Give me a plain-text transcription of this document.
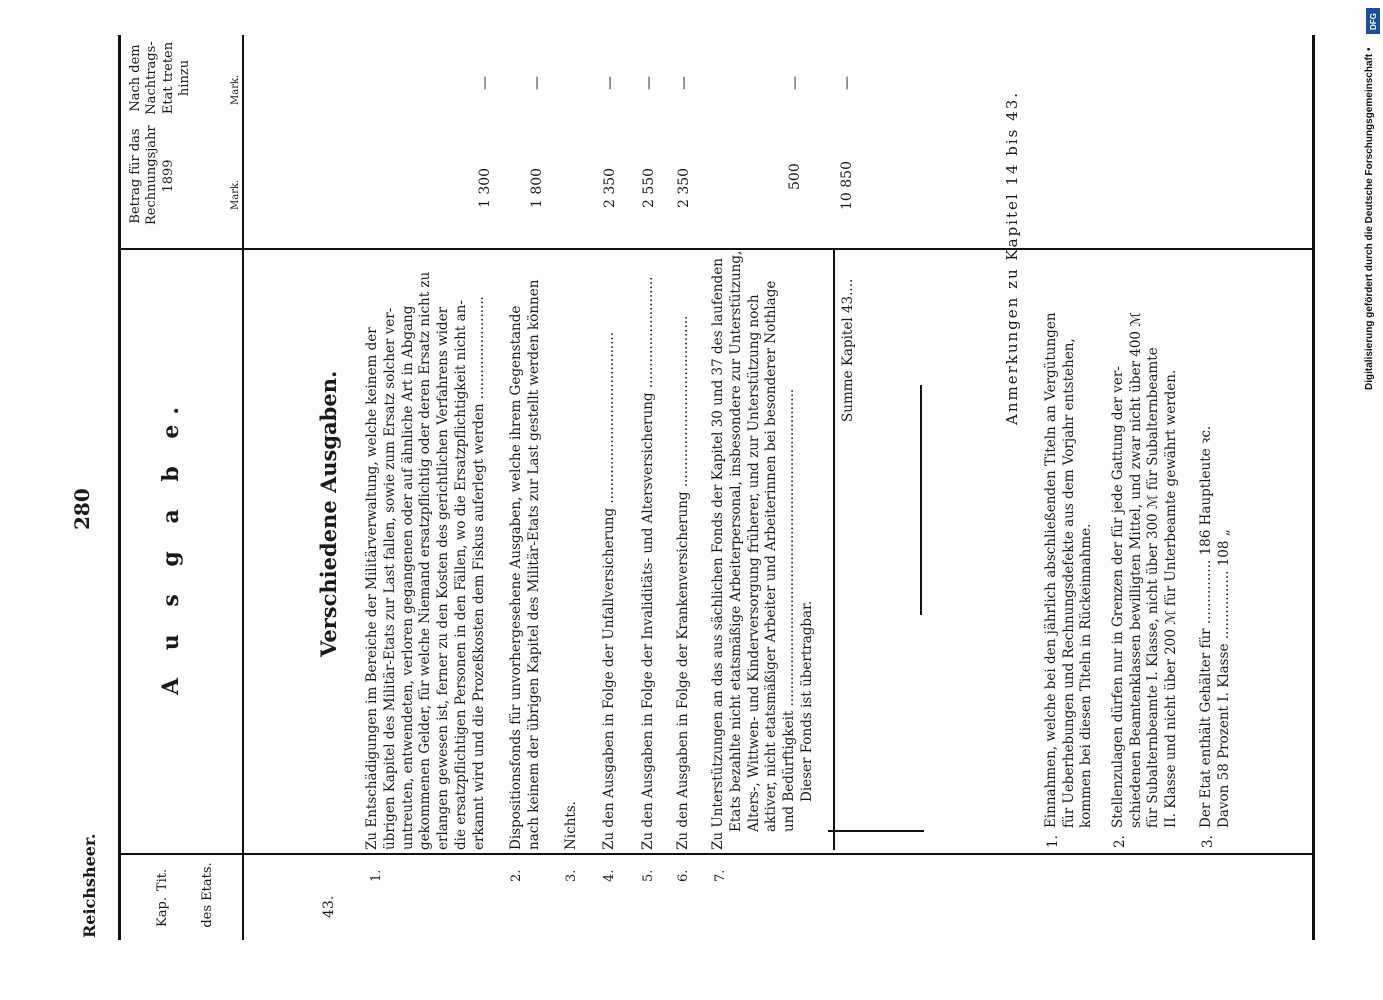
Reichsheer.
280
Kap.
Tit. des Etats.
Betrag für das Rechnungsjahr 1899
Mark.
Nach dem Nachtrags-Etat treten hinzu	Mark.
A u s g a b e.	Verschiedene Ausgaben.
43.
1.
Zu Entschädigungen im Bereiche der Militärverwaltung, welche keinem der übrigen Kapitel des Militär-Etats zur Last fallen, sowie zum Ersatz solcher ver- untreuten, entwendeten, verloren gegangenen oder auf ähnliche Art in Abgang gekommenen Gelder, für welche Niemand ersatzpflichtig oder deren Ersatz nicht zu erlangen gewesen ist, ferner zu den Kosten des gerichtlichen Verfahrens wider die ersatzpflichtigen Personen in den Fällen, wo die Ersatzpflichtigkeit nicht an- erkannt wird und die Prozeßkosten dem Fiskus auferlegt werden ........................
1 300
—
2.
Dispositionsfonds für unvorhergesehene Ausgaben, welche ihrem Gegenstande nach keinem der übrigen Kapitel des Militär-Etats zur Last gestellt werden können
1 800
—
3.
Nichts.
4.
Zu den Ausgaben in Folge der Unfallversicherung ........................................
2 350
—
5.
Zu den Ausgaben in Folge der Invaliditäts- und Altersversicherung ..........................
2 550
—
6.
Zu den Ausgaben in Folge der Krankenversicherung ........................................
2 350
—
7.
Zu Unterstützungen an das aus sächlichen Fonds der Kapitel 30 und 37 des laufenden Etats bezahlte nicht etatsmäßige Arbeiterpersonal, insbesondere zur Unterstützung, Alters-, Wittwen- und Kinderversorgung früherer, und zur Unterstützung noch aktiver, nicht etatsmäßiger Arbeiter und Arbeiterinnen bei besonderer Nothlage und Bedürftigkeit .......................................................................... Dieser Fonds ist übertragbar.
500
—
Summe Kapitel 43....
10 850
—
Anmerkungen zu Kapitel 14 bis 43.
1.
Einnahmen, welche bei den jährlich abschließenden Titeln an Vergütungen für Ueberhebungen und Rechnungsdefekte aus dem Vorjahr entstehen, kommen bei diesen Titeln in Rückeinnahme.
2.
Stellenzulagen dürfen nur in Grenzen der für jede Gattung der ver- schiedenen Beamtenklassen bewilligten Mittel, und zwar nicht über 400 ℳ für Subalternbeamte I. Klasse, nicht über 300 ℳ für Subalternbeamte II. Klasse und nicht über 200 ℳ für Unterbeamte gewährt werden.
3.
Der Etat enthält Gehälter für ............... 186 Hauptleute ꝛc. Davon 58 Prozent I. Klasse ................ 108 „
DFG
Digitalisierung gefördert durch die Deutsche Forschungsgemeinschaft •
